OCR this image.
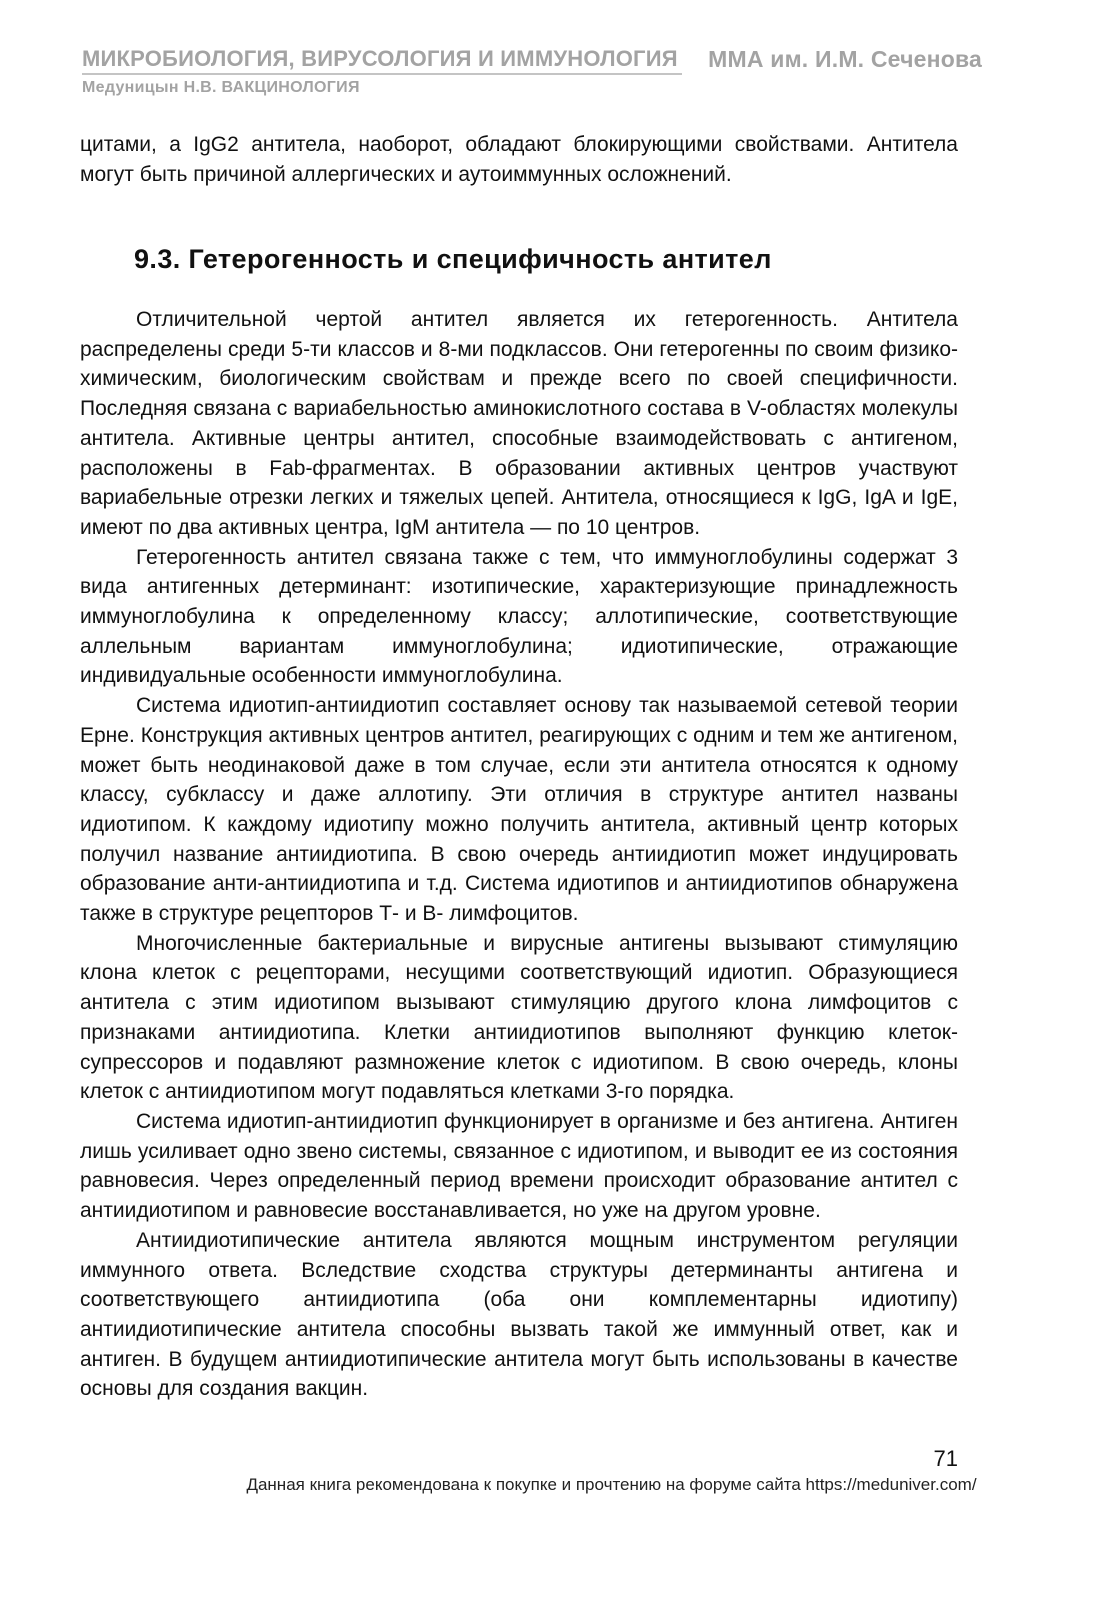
МИКРОБИОЛОГИЯ, ВИРУСОЛОГИЯ И ИММУНОЛОГИЯ ММА им. И.М. Сеченова
Медуницын Н.В. ВАКЦИНОЛОГИЯ

цитами, а IgG2 антитела, наоборот, обладают блокирующими свойствами. Антитела могут быть причиной аллергических и аутоиммунных осложнений.

9.3. Гетерогенность и специфичность антител

Отличительной чертой антител является их гетерогенность. Антитела распределены среди 5-ти классов и 8-ми подклассов. Они гетерогенны по своим физико-химическим, биологическим свойствам и прежде всего по своей специфичности. Последняя связана с вариабельностью аминокислотного состава в V-областях молекулы антитела. Активные центры антител, способные взаимодействовать с антигеном, расположены в Fab-фрагментах. В образовании активных центров участвуют вариабельные отрезки легких и тяжелых цепей. Антитела, относящиеся к IgG, IgA и IgE, имеют по два активных центра, IgM антитела — по 10 центров.

Гетерогенность антител связана также с тем, что иммуноглобулины содержат 3 вида антигенных детерминант: изотипические, характеризующие принадлежность иммуноглобулина к определенному классу; аллотипические, соответствующие аллельным вариантам иммуноглобулина; идиотипические, отражающие индивидуальные особенности иммуноглобулина.

Система идиотип-антиидиотип составляет основу так называемой сетевой теории Ерне. Конструкция активных центров антител, реагирующих с одним и тем же антигеном, может быть неодинаковой даже в том случае, если эти антитела относятся к одному классу, субклассу и даже аллотипу. Эти отличия в структуре антител названы идиотипом. К каждому идиотипу можно получить антитела, активный центр которых получил название антиидиотипа. В свою очередь антиидиотип может индуцировать образование анти-антиидиотипа и т.д. Система идиотипов и антиидиотипов обнаружена также в структуре рецепторов Т- и В- лимфоцитов.

Многочисленные бактериальные и вирусные антигены вызывают стимуляцию клона клеток с рецепторами, несущими соответствующий идиотип. Образующиеся антитела с этим идиотипом вызывают стимуляцию другого клона лимфоцитов с признаками антиидиотипа. Клетки антиидиотипов выполняют функцию клеток-супрессоров и подавляют размножение клеток с идиотипом. В свою очередь, клоны клеток с антиидиотипом могут подавляться клетками 3-го порядка.

Система идиотип-антиидиотип функционирует в организме и без антигена. Антиген лишь усиливает одно звено системы, связанное с идиотипом, и выводит ее из состояния равновесия. Через определенный период времени происходит образование антител с антиидиотипом и равновесие восстанавливается, но уже на другом уровне.

Антиидиотипические антитела являются мощным инструментом регуляции иммунного ответа. Вследствие сходства структуры детерминанты антигена и соответствующего антиидиотипа (оба они комплементарны идиотипу) антиидиотипические антитела способны вызвать такой же иммунный ответ, как и антиген. В будущем антиидиотипические антитела могут быть использованы в качестве основы для создания вакцин.

71
Данная книга рекомендована к покупке и прочтению на форуме сайта https://meduniver.com/
